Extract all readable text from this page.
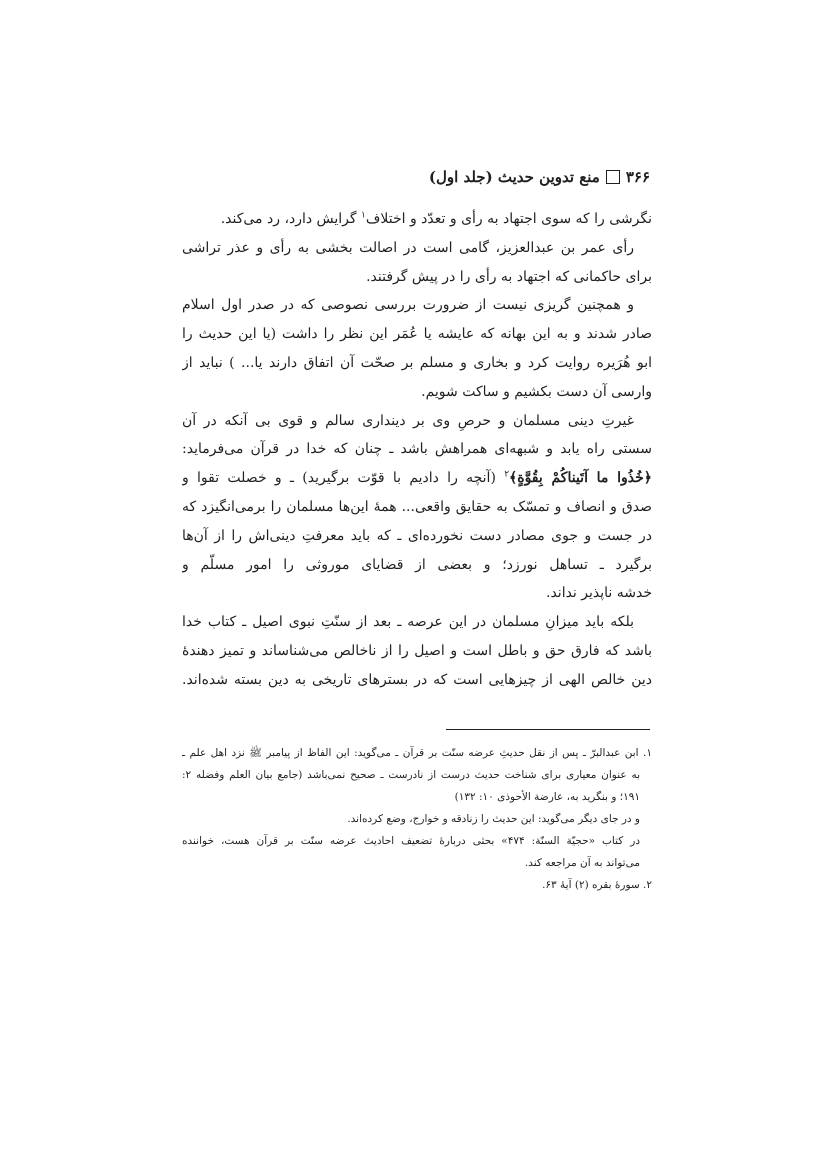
۳۶۶
منع تدوین حدیث (جلد اول)
نگرشی را که سوی اجتهاد به رأی و تعدّد و اختلاف$^۱$ گرایش دارد، رد می‌کند.
رأی عمر بن عبدالعزیز، گامی است در اصالت بخشی به رأی و عذر تراشی
برای حاکمانی که اجتهاد به رأی را در پیش گرفتند.
و همچنین گریزی نیست از ضرورت بررسی نصوصی که در صدر اول اسلام
صادر شدند و به این بهانه که عایشه یا عُمَر این نظر را داشت (یا این حدیث را
ابو هُرَیره روایت کرد و بخاری و مسلم بر صحّت آن اتفاق دارند یا... ) نباید از
وارسی آن دست بکشیم و ساکت شویم.
غیرتِ دینی مسلمان و حرصِ وی بر دینداری سالم و قوی بی آنکه در آن
سستی راه یابد و شبهه‌ای همراهش باشد ـ چنان که خدا در قرآن می‌فرماید:
﴿خُذُوا ما آتَیناکُمْ بِقُوَّةٍ﴾$^۲$ (آنچه را دادیم با قوّت برگیرید) ـ و خصلت تقوا و
صدق و انصاف و تمسّک به حقایق واقعی... همهٔ این‌ها مسلمان را برمی‌انگیزد که
در جست و جوی مصادر دست نخورده‌ای ـ که باید معرفتِ دینی‌اش را از آن‌ها
برگیرد ـ تساهل نورزد؛ و بعضی از قضایای موروثی را امور مسلّم و
خدشه ناپذیر نداند.
بلکه باید میزانِ مسلمان در این عرصه ـ بعد از سنّتِ نبوی اصیل ـ کتاب خدا
باشد که فارق حق و باطل است و اصیل را از ناخالص می‌شناساند و تمیز دهندهٔ
دین خالص الهی از چیزهایی است که در بسترهای تاریخی به دین بسته شده‌اند.
۱. ابن عبدالبرّ ـ پس از نقل حدیثِ عرضه سنّت بر قرآن ـ می‌گوید: این الفاظ از پیامبر ﷺ نزد اهل علم ـ
به عنوان معیاری برای شناخت حدیث درست از نادرست ـ صحیح نمی‌باشد (جامع بیان العلم وفضله ۲:
۱۹۱؛ و بنگرید به، عارضة الأحوذی ۱۰: ۱۳۲)
و در جای دیگر می‌گوید: این حدیث را زنادقه و خوارج، وضع کرده‌اند.
در کتاب «حجیّة السنّة: ۴۷۴» بحثی دربارهٔ تضعیف احادیث عرضه سنّت بر قرآن هست، خواننده
می‌تواند به آن مراجعه کند.
۲. سورهٔ بقره (۲) آیهٔ ۶۳.
